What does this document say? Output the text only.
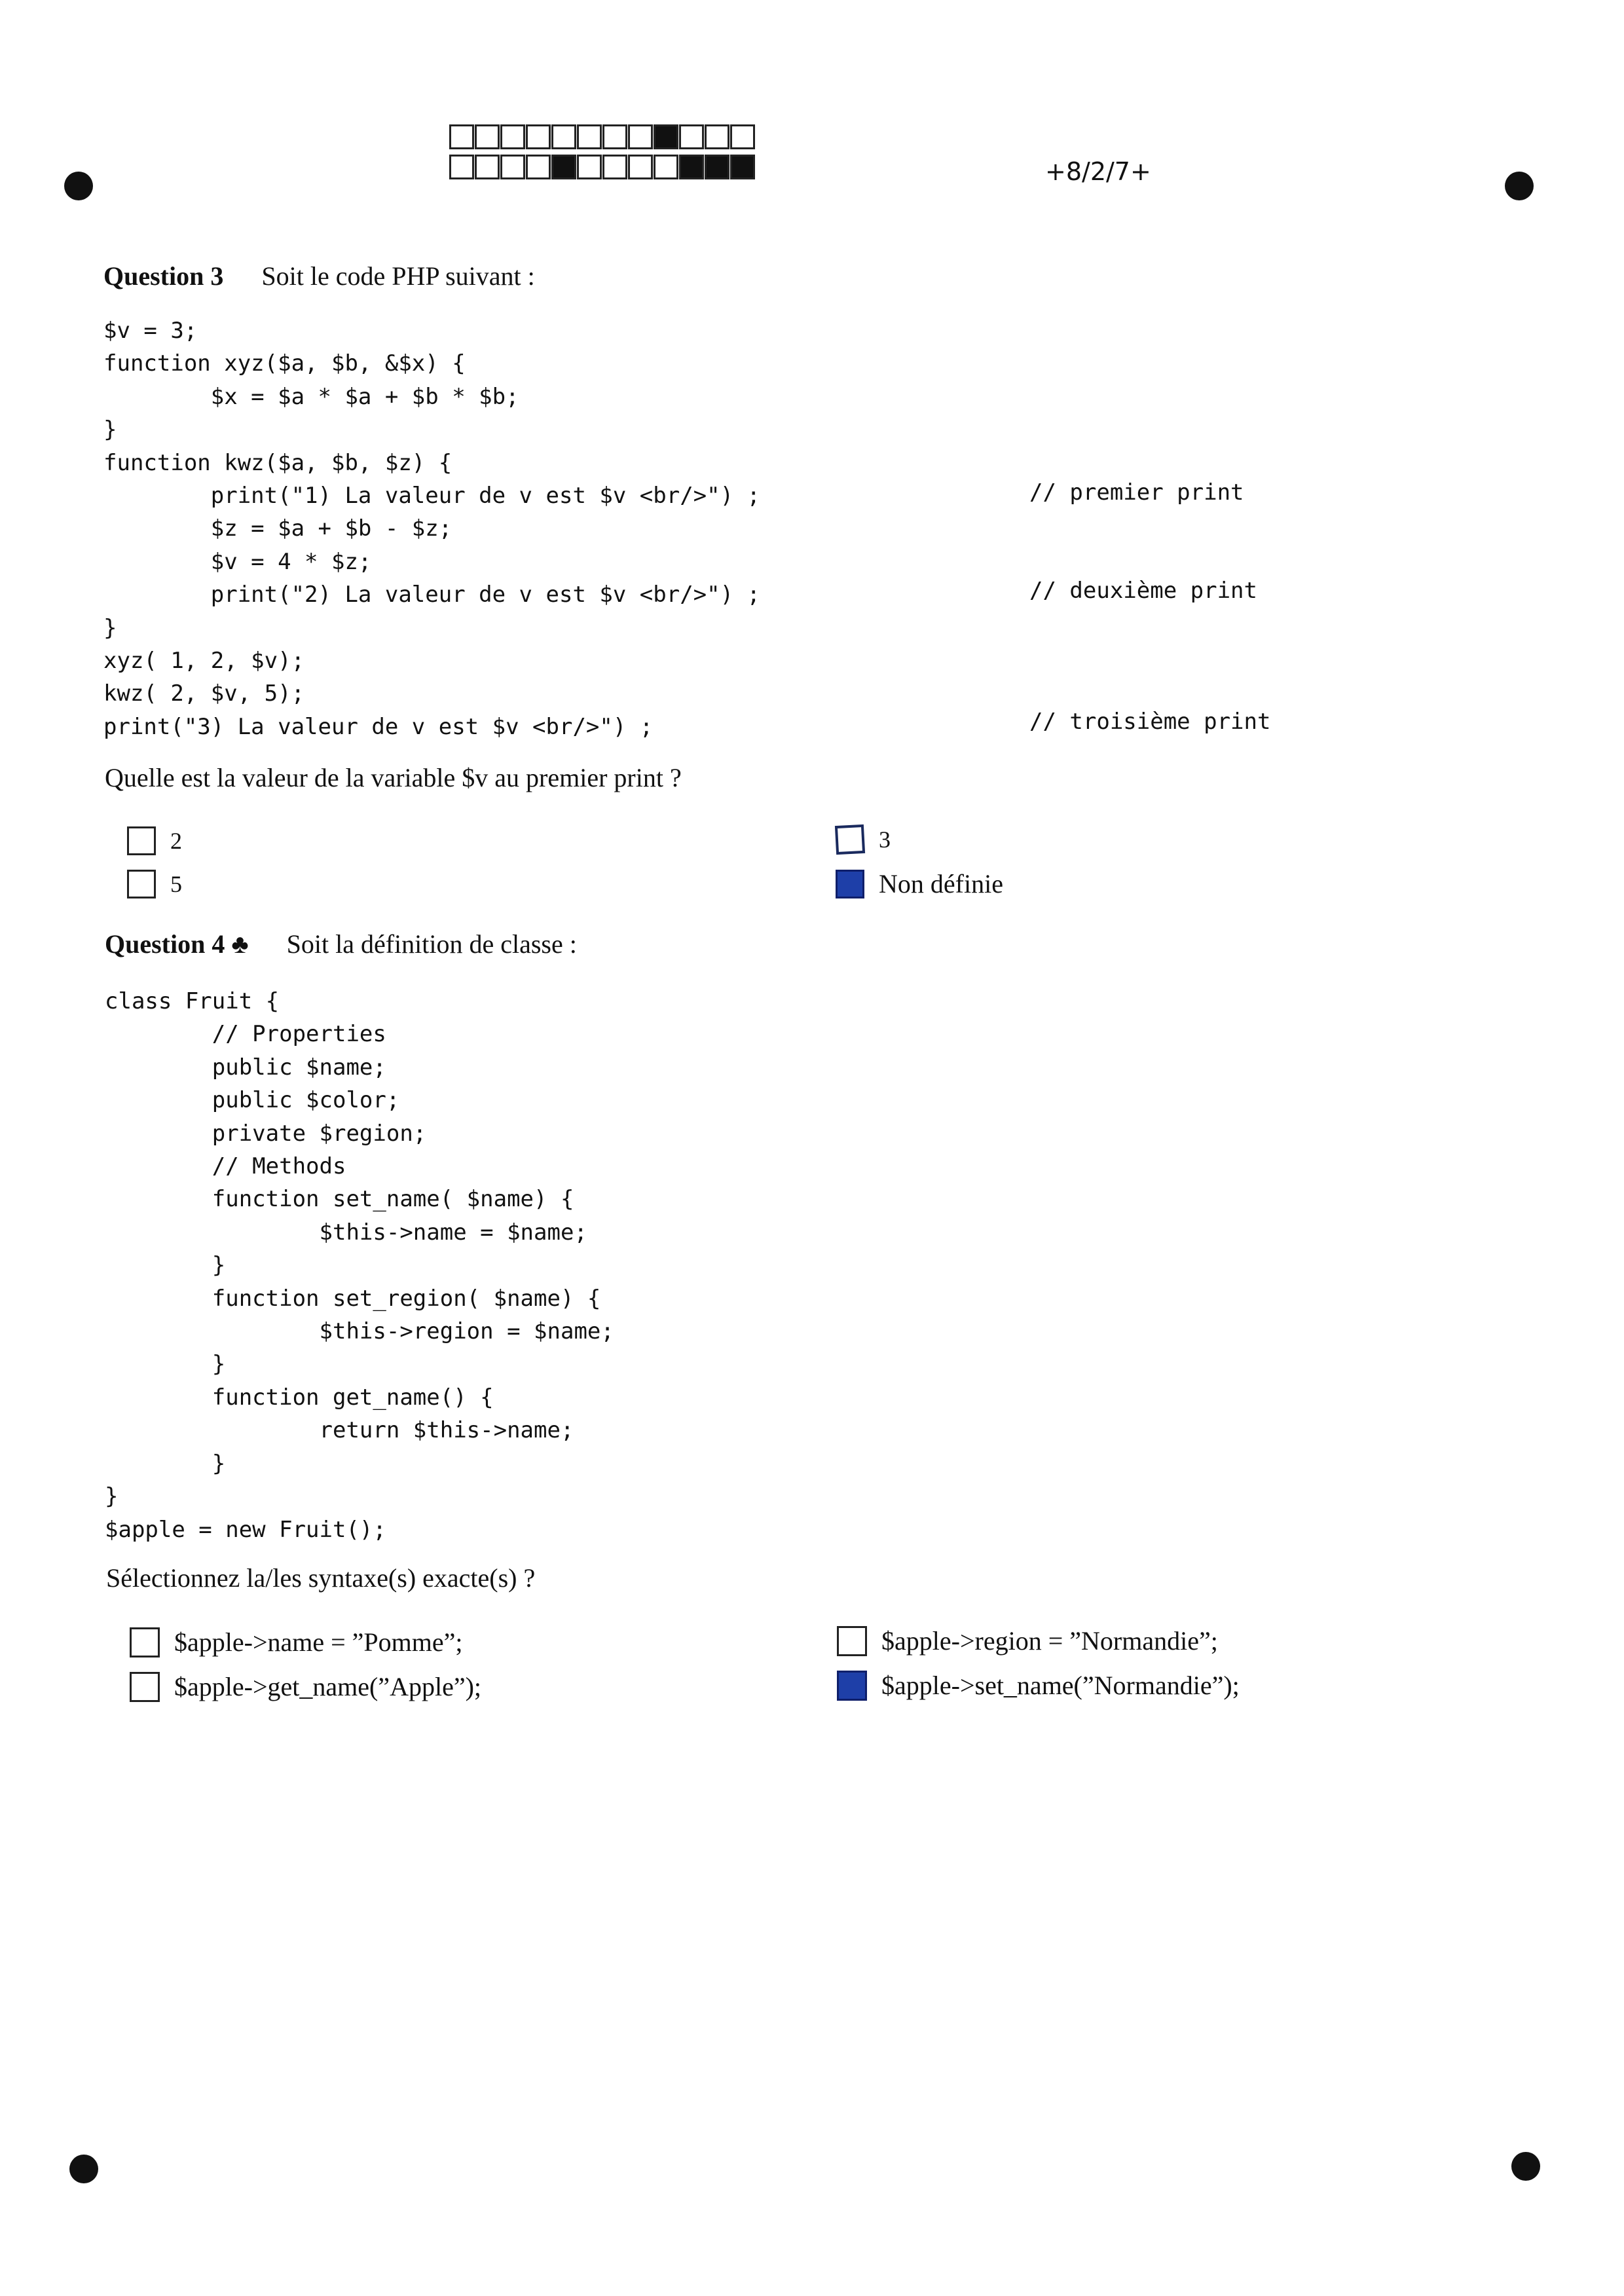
+8/2/7+
Question 3 Soit le code PHP suivant :
$v = 3;
function xyz($a, $b, &$x) {
$x = $a * $a + $b * $b;
}
function kwz($a, $b, $z) {
print("1) La valeur de v est $v <br/>") ;
$z = $a + $b - $z;
$v = 4 * $z;
print("2) La valeur de v est $v <br/>") ;
}
xyz( 1, 2, $v);
kwz( 2, $v, 5);
print("3) La valeur de v est $v <br/>") ;
// premier print
// deuxième print
// troisième print
Quelle est la valeur de la variable $v au premier print ?
2
5
3
Non définie
Question 4 ♣ Soit la définition de classe :
class Fruit {
// Properties
public $name;
public $color;
private $region;
// Methods
function set_name( $name) {
$this->name = $name;
}
function set_region( $name) {
$this->region = $name;
}
function get_name() {
return $this->name;
}
}
$apple = new Fruit();
Sélectionnez la/les syntaxe(s) exacte(s) ?
$apple->name = ”Pomme”;
$apple->get_name(”Apple”);
$apple->region = ”Normandie”;
$apple->set_name(”Normandie”);
